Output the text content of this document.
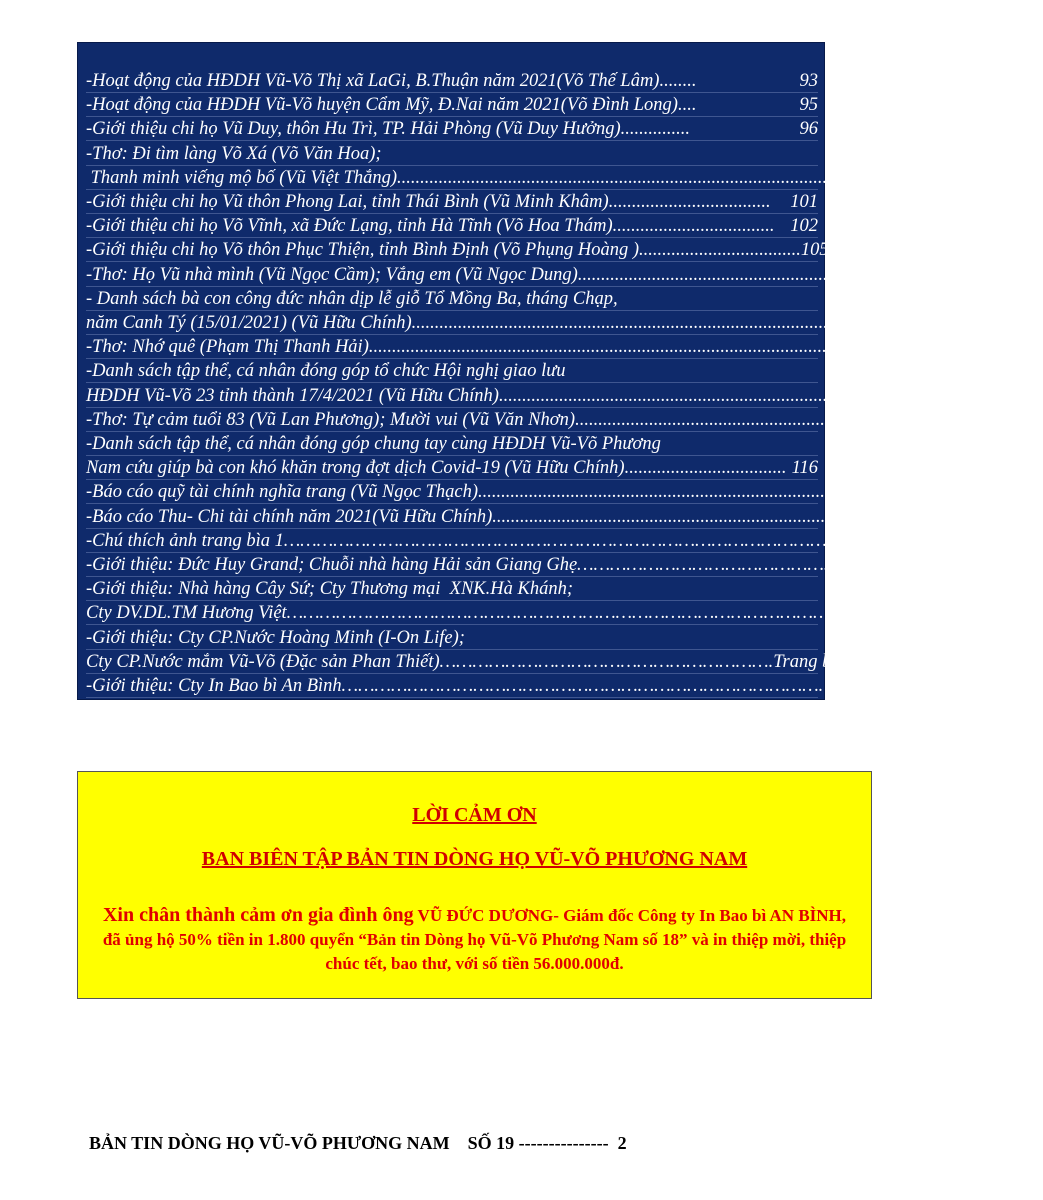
-Hoạt động của HĐDH Vũ-Võ Thị xã LaGi, B.Thuận năm 2021(Võ Thế Lâm) ........	93
-Hoạt động của HĐDH Vũ-Võ huyện Cẩm Mỹ, Đ.Nai năm 2021(Võ Đình Long) ....	95
-Giới thiệu chi họ Vũ Duy, thôn Hu Trì, TP. Hải Phòng (Vũ Duy Hưởng) ...............	96
-Thơ: Đi tìm làng Võ Xá (Võ Văn Hoa);
Thanh minh viếng mộ bố (Vũ Việt Thắng) ................................................................................................................ 100
-Giới thiệu chi họ Vũ thôn Phong Lai, tỉnh Thái Bình (Vũ Minh Khâm) ...................................	101
-Giới thiệu chi họ Võ Vĩnh, xã Đức Lạng, tỉnh Hà Tĩnh (Võ Hoa Thám) ................................... 102
-Giới thiệu chi họ Võ thôn Phục Thiện, tỉnh Bình Định (Võ Phụng Hoàng ) ................................... 105
-Thơ: Họ Vũ nhà mình (Vũ Ngọc Cầm); Vắng em (Vũ Ngọc Dung) ................................................................ 106
- Danh sách bà con công đức nhân dịp lễ giỗ Tổ Mồng Ba, tháng Chạp,
năm Canh Tý (15/01/2021) (Vũ Hữu Chính) ................................................................................................................ 107
-Thơ: Nhớ quê (Phạm Thị Thanh Hải) ................................................................................................................ 112
-Danh sách tập thể, cá nhân đóng góp tổ chức Hội nghị giao lưu
HĐDH Vũ-Võ 23 tỉnh thành 17/4/2021 (Vũ Hữu Chính) ................................................................................................................ 113
-Thơ: Tự cảm tuổi 83 (Vũ Lan Phương); Mười vui (Vũ Văn Nhơn) ................................................................ 115
-Danh sách tập thể, cá nhân đóng góp chung tay cùng HĐDH Vũ-Võ Phương
Nam cứu giúp bà con khó khăn trong đợt dịch Covid-19 (Vũ Hữu Chính) ................................... 116
-Báo cáo quỹ tài chính nghĩa trang (Vũ Ngọc Thạch) ................................................................................................................ 121
-Báo cáo Thu- Chi tài chính năm 2021(Vũ Hữu Chính) ................................................................................................................ 122
-Chú thích ảnh trang bìa 1 …………………………………………………………………………………………………………………… 125
-Giới thiệu: Đức Huy Grand; Chuỗi nhà hàng Hải sản Giang Ghẹ …………………………………………… 127
-Giới thiệu: Nhà hàng Cây Sứ; Cty Thương mại  XNK.Hà Khánh;
Cty DV.DL.TM Hương Việt ……………………………………………………………………………………………………………………. 128
-Giới thiệu: Cty CP.Nước Hoàng Minh (I-On Life);
Cty CP.Nước mắm Vũ-Võ (Đặc sản Phan Thiết) ……………………………………………………. Trang bìa 3
-Giới thiệu: Cty In Bao bì An Bình ………………………………………………………………………………………………. Trang bìa 4
LỜI CẢM ƠN
BAN BIÊN TẬP BẢN TIN DÒNG HỌ VŨ-VÕ PHƯƠNG NAM
Xin chân thành cảm ơn gia đình ông VŨ ĐỨC DƯƠNG- Giám đốc Công ty In Bao bì AN BÌNH, đã ủng hộ 50% tiền in 1.800 quyển “Bản tin Dòng họ Vũ-Võ Phương Nam số 18” và in thiệp mời, thiệp chúc tết, bao thư, với số tiền 56.000.000đ.
BẢN TIN DÒNG HỌ VŨ-VÕ PHƯƠNG NAM    SỐ 19 ---------------  2
